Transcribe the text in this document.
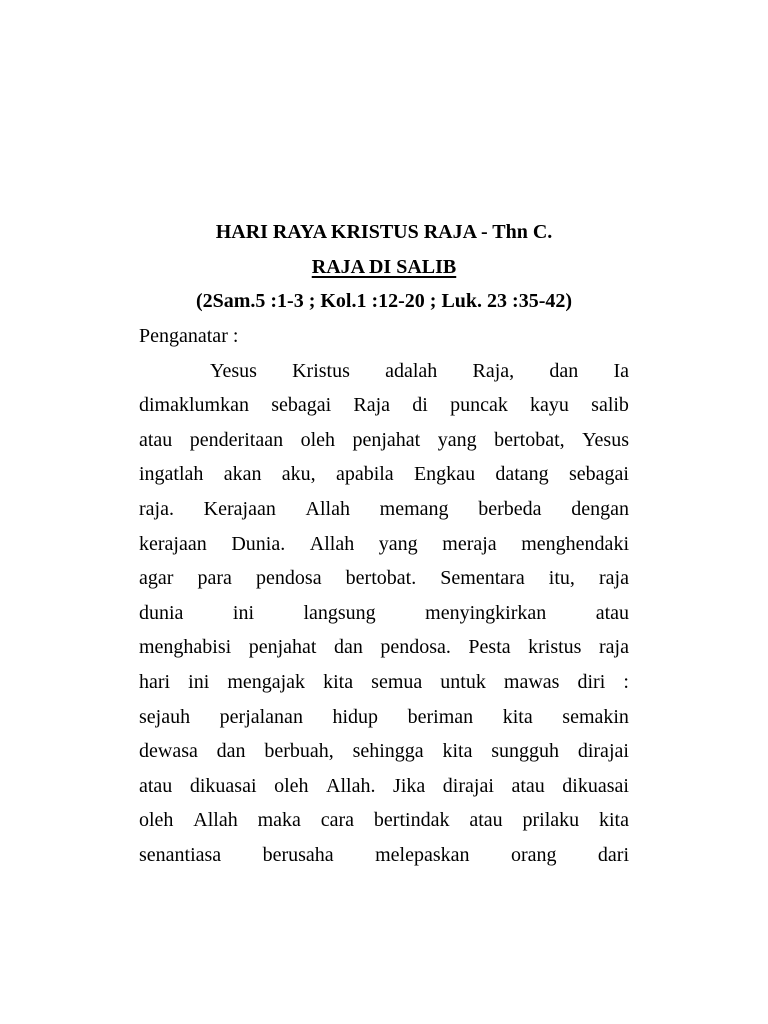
HARI RAYA KRISTUS RAJA - Thn C.
RAJA DI SALIB
(2Sam.5 :1-3 ; Kol.1 :12-20 ; Luk. 23 :35-42)
Penganatar :
Yesus Kristus adalah Raja, dan Ia
dimaklumkan sebagai Raja di puncak kayu salib
atau penderitaan oleh penjahat yang bertobat, Yesus
ingatlah akan aku, apabila Engkau datang sebagai
raja. Kerajaan Allah memang berbeda dengan
kerajaan Dunia. Allah yang meraja menghendaki
agar para pendosa bertobat. Sementara itu, raja
dunia ini langsung menyingkirkan atau
menghabisi penjahat dan pendosa. Pesta kristus raja
hari ini mengajak kita semua untuk mawas diri :
sejauh perjalanan hidup beriman kita semakin
dewasa dan berbuah, sehingga kita sungguh dirajai
atau dikuasai oleh Allah. Jika dirajai atau dikuasai
oleh Allah maka cara bertindak atau prilaku kita
senantiasa berusaha melepaskan orang dari
